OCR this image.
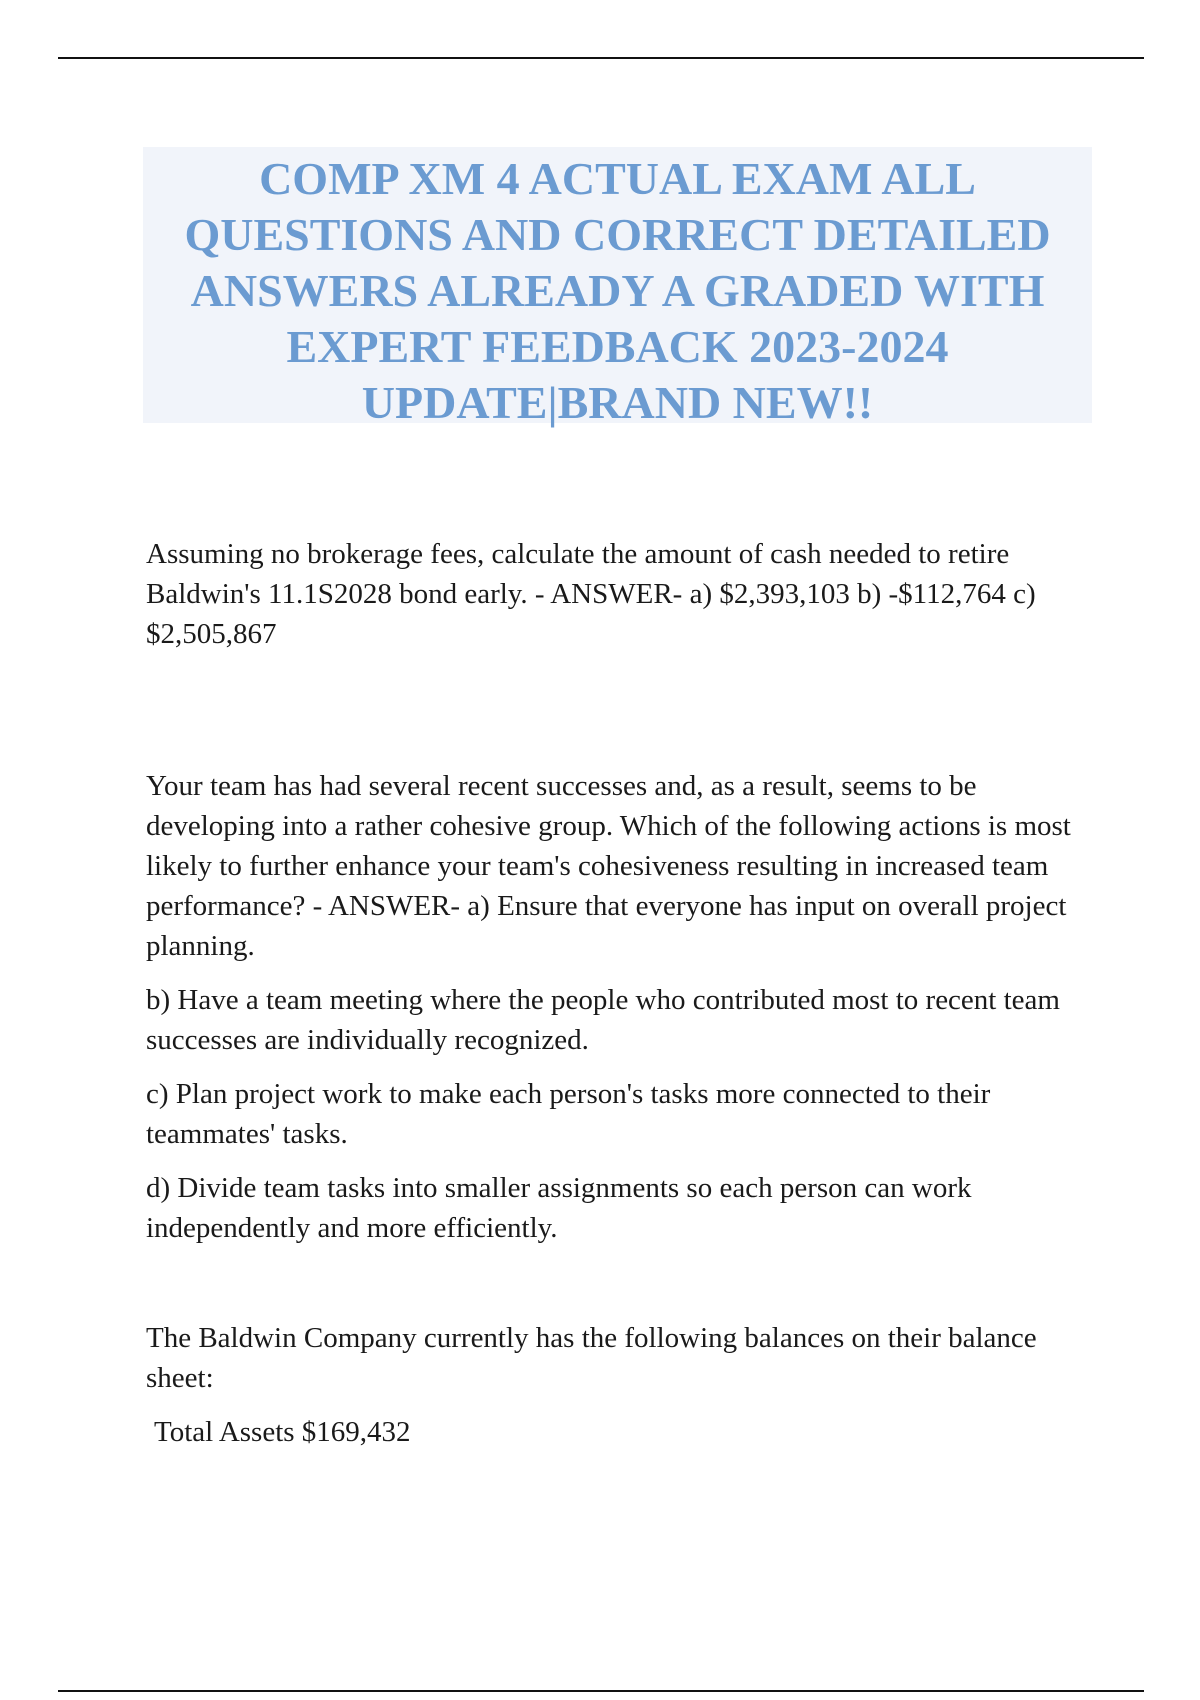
COMP XM 4 ACTUAL EXAM ALL QUESTIONS AND CORRECT DETAILED ANSWERS ALREADY A GRADED WITH EXPERT FEEDBACK 2023-2024 UPDATE|BRAND NEW!!

Assuming no brokerage fees, calculate the amount of cash needed to retire Baldwin's 11.1S2028 bond early. - ANSWER- a) $2,393,103 b) -$112,764 c) $2,505,867

Your team has had several recent successes and, as a result, seems to be developing into a rather cohesive group. Which of the following actions is most likely to further enhance your team's cohesiveness resulting in increased team performance? - ANSWER- a) Ensure that everyone has input on overall project planning.

b) Have a team meeting where the people who contributed most to recent team successes are individually recognized.

c) Plan project work to make each person's tasks more connected to their teammates' tasks.

d) Divide team tasks into smaller assignments so each person can work independently and more efficiently.

The Baldwin Company currently has the following balances on their balance sheet:

Total Assets $169,432
